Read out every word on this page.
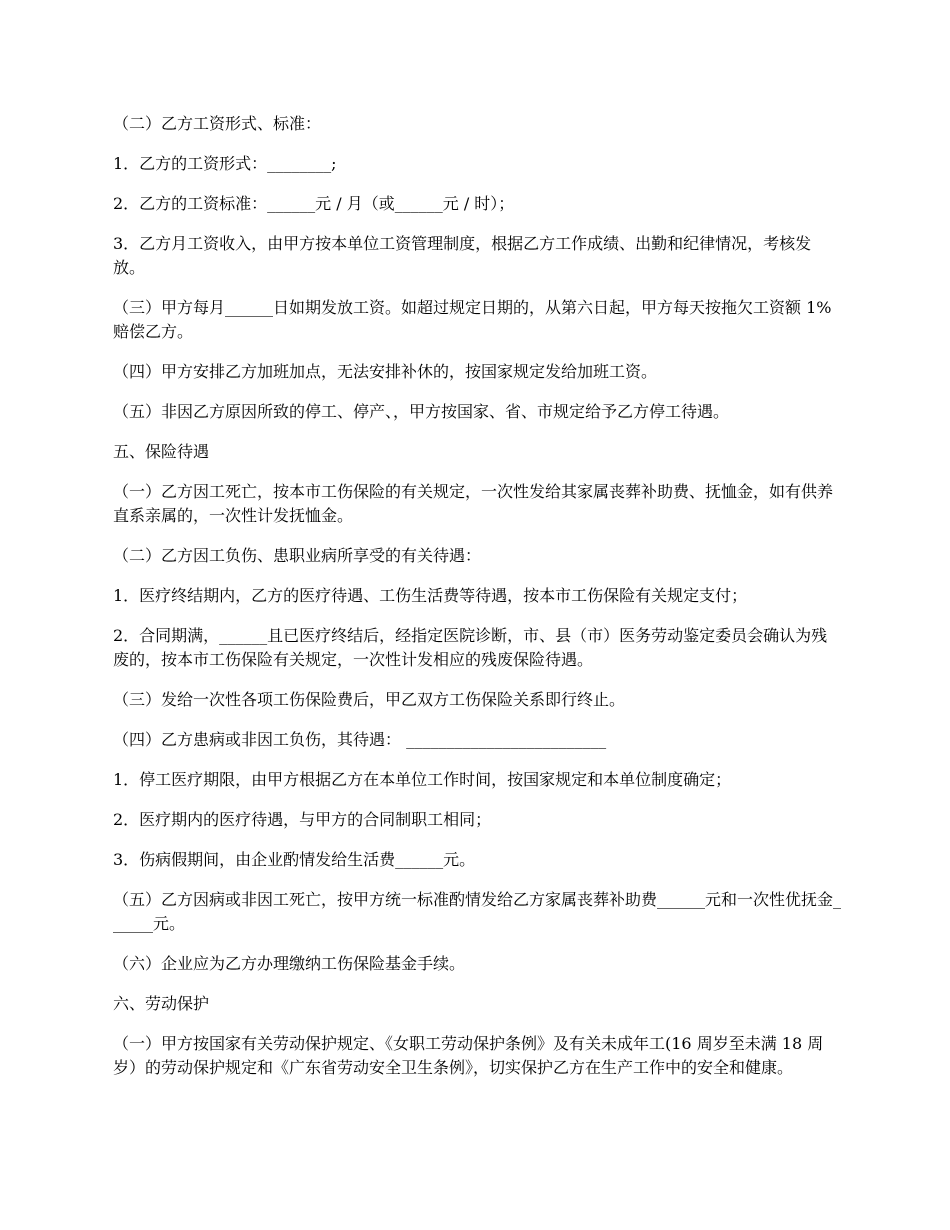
（二）乙方工资形式、标准：

1．乙方的工资形式：________;

2．乙方的工资标准：______元 / 月（或______元 / 时）；

3．乙方月工资收入，由甲方按本单位工资管理制度，根据乙方工作成绩、出勤和纪律情况，考核发放。

（三）甲方每月______日如期发放工资。如超过规定日期的，从第六日起，甲方每天按拖欠工资额 1%赔偿乙方。

（四）甲方安排乙方加班加点，无法安排补休的，按国家规定发给加班工资。

（五）非因乙方原因所致的停工、停产、，甲方按国家、省、市规定给予乙方停工待遇。

五、保险待遇

（一）乙方因工死亡，按本市工伤保险的有关规定，一次性发给其家属丧葬补助费、抚恤金，如有供养直系亲属的，一次性计发抚恤金。

（二）乙方因工负伤、患职业病所享受的有关待遇：

1．医疗终结期内，乙方的医疗待遇、工伤生活费等待遇，按本市工伤保险有关规定支付；

2．合同期满，______且已医疗终结后，经指定医院诊断，市、县（市）医务劳动鉴定委员会确认为残废的，按本市工伤保险有关规定，一次性计发相应的残废保险待遇。

（三）发给一次性各项工伤保险费后，甲乙双方工伤保险关系即行终止。

（四）乙方患病或非因工负伤，其待遇： _________________________

1．停工医疗期限，由甲方根据乙方在本单位工作时间，按国家规定和本单位制度确定；

2．医疗期内的医疗待遇，与甲方的合同制职工相同；

3．伤病假期间，由企业酌情发给生活费______元。

（五）乙方因病或非因工死亡，按甲方统一标准酌情发给乙方家属丧葬补助费______元和一次性优抚金______元。

（六）企业应为乙方办理缴纳工伤保险基金手续。

六、劳动保护

（一）甲方按国家有关劳动保护规定、《女职工劳动保护条例》及有关未成年工(16 周岁至未满 18 周岁）的劳动保护规定和《广东省劳动安全卫生条例》，切实保护乙方在生产工作中的安全和健康。
